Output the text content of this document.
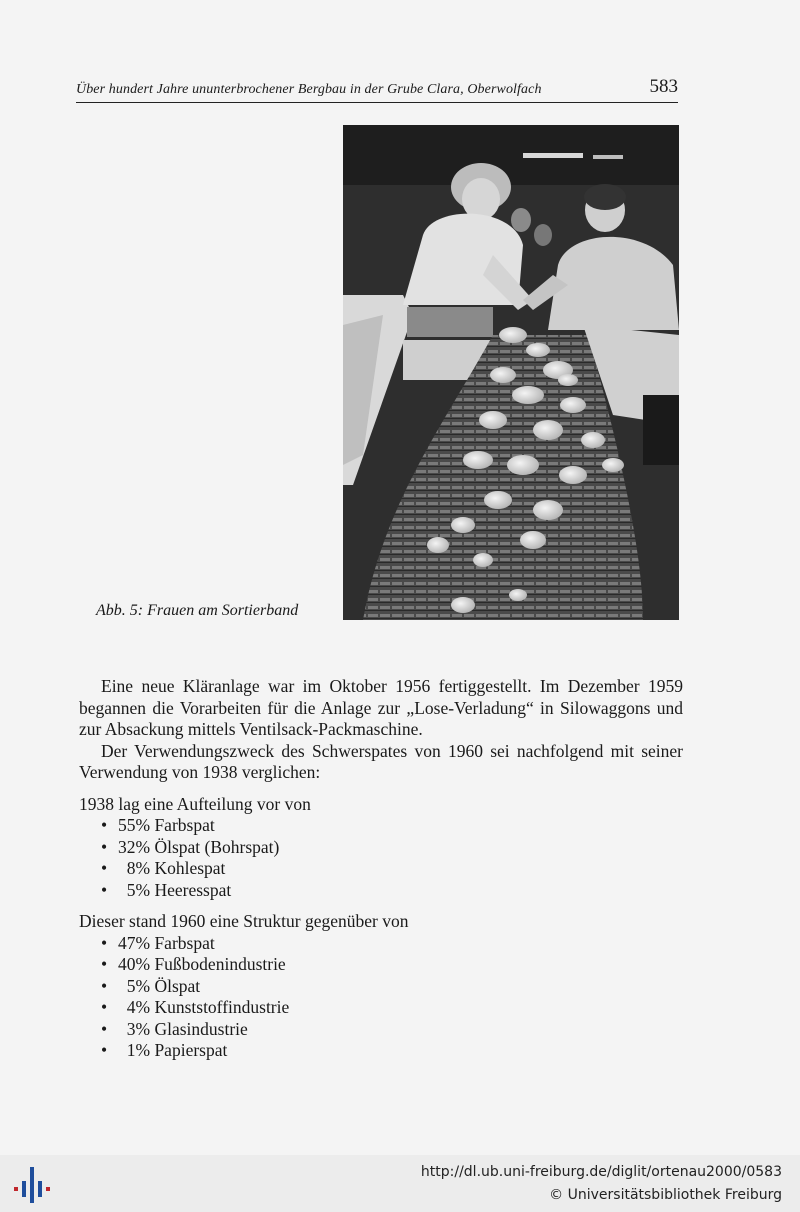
Über hundert Jahre ununterbrochener Bergbau in der Grube Clara, Oberwolfach	583
Abb. 5: Frauen am Sortierband

Eine neue Kläranlage war im Oktober 1956 fertiggestellt. Im Dezember 1959 begannen die Vorarbeiten für die Anlage zur „Lose-Verladung“ in Silowaggons und zur Absackung mittels Ventilsack-Packmaschine.

Der Verwendungszweck des Schwerspates von 1960 sei nachfolgend mit seiner Verwendung von 1938 verglichen:

1938 lag eine Aufteilung vor von

• 55% Farbspat
• 32% Ölspat (Bohrspat)
•   8% Kohlespat
•   5% Heeresspat

Dieser stand 1960 eine Struktur gegenüber von

• 47% Farbspat
• 40% Fußbodenindustrie
•   5% Ölspat
•   4% Kunststoffindustrie
•   3% Glasindustrie
•   1% Papierspat
http://dl.ub.uni-freiburg.de/diglit/ortenau2000/0583
© Universitätsbibliothek Freiburg
